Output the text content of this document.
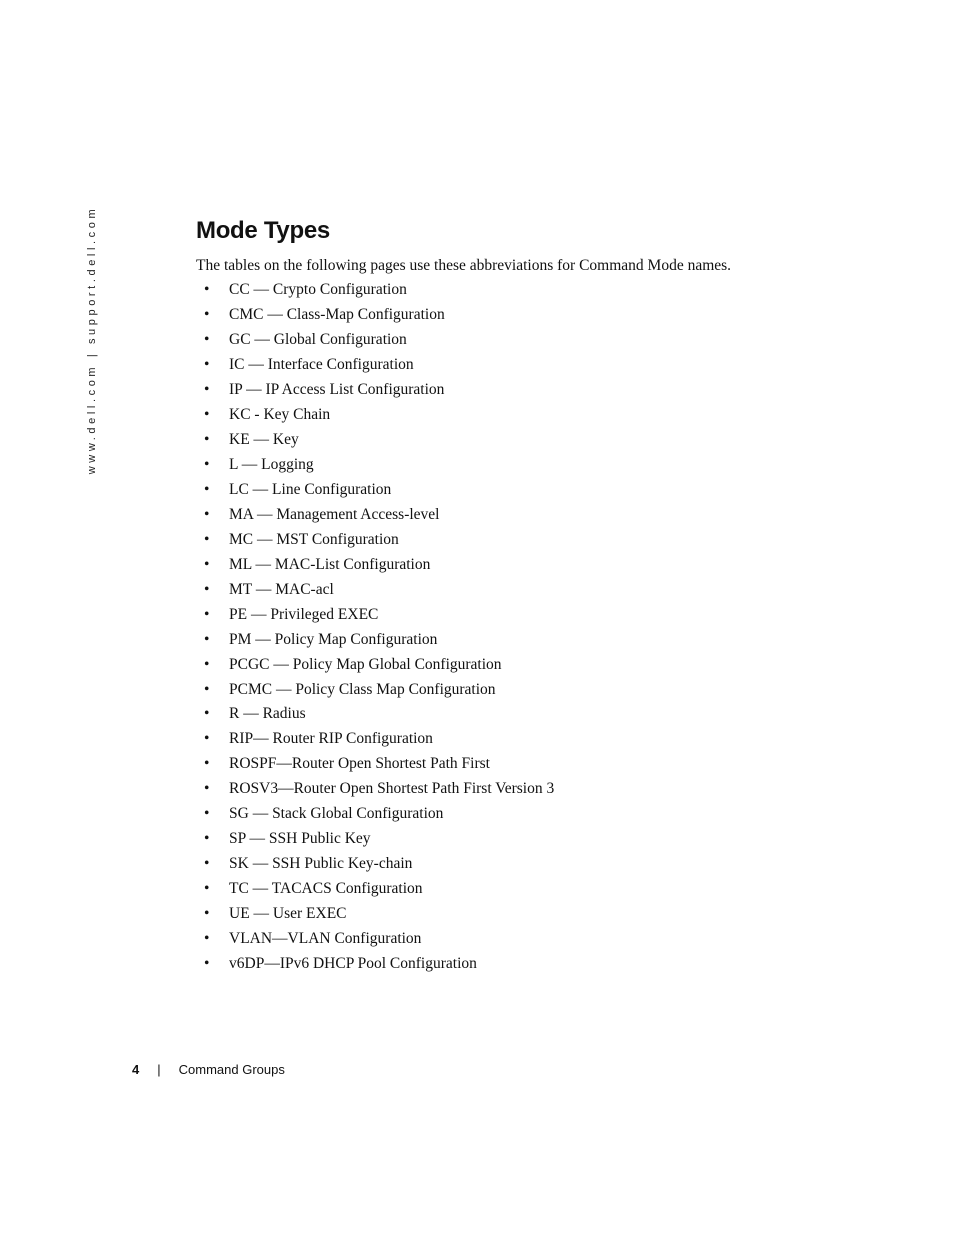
www.dell.com | support.dell.com	Mode Types

The tables on the following pages use these abbreviations for Command Mode names.

• CC — Crypto Configuration
• CMC — Class-Map Configuration
• GC — Global Configuration
• IC — Interface Configuration
• IP — IP Access List Configuration
• KC - Key Chain
• KE — Key
• L — Logging
• LC — Line Configuration
• MA — Management Access-level
• MC — MST Configuration
• ML — MAC-List Configuration
• MT — MAC-acl
• PE — Privileged EXEC
• PM — Policy Map Configuration
• PCGC — Policy Map Global Configuration
• PCMC — Policy Class Map Configuration
• R — Radius
• RIP— Router RIP Configuration
• ROSPF—Router Open Shortest Path First
• ROSV3—Router Open Shortest Path First Version 3
• SG — Stack Global Configuration
• SP — SSH Public Key
• SK — SSH Public Key-chain
• TC — TACACS Configuration
• UE — User EXEC
• VLAN—VLAN Configuration
• v6DP—IPv6 DHCP Pool Configuration
4 | Command Groups
